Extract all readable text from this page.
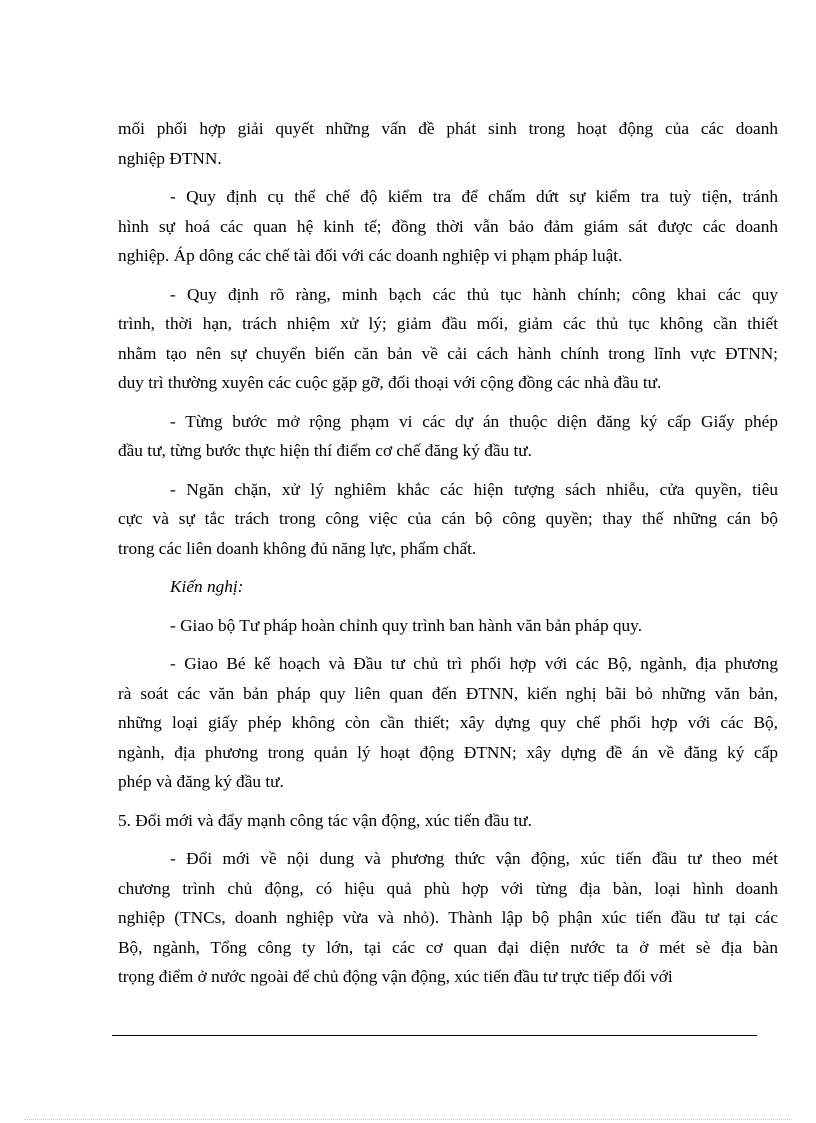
mối phối hợp giải quyết những vấn đề phát sinh trong hoạt động của các doanh
nghiệp ĐTNN.
- Quy định cụ thể chế độ kiểm tra để chấm dứt sự kiểm tra tuỳ tiện, tránh
hình sự hoá các quan hệ kinh tế; đồng thời vẫn bảo đảm giám sát được các doanh
nghiệp. Áp dông các chế tài đối với các doanh nghiệp vi phạm pháp luật.
- Quy định rõ ràng, minh bạch các thủ tục hành chính; công khai các quy
trình, thời hạn, trách nhiệm xử lý; giảm đầu mối, giảm các thủ tục không cần thiết
nhằm tạo nên sự chuyển biến căn bản về cải cách hành chính trong lĩnh vực ĐTNN;
duy trì thường xuyên các cuộc gặp gỡ, đối thoại với cộng đồng các nhà đầu tư.
- Từng bước mở rộng phạm vi các dự án thuộc diện đăng ký cấp Giấy phép
đầu tư, từng bước thực hiện thí điểm cơ chế đăng ký đầu tư.
- Ngăn chặn, xử lý nghiêm khắc các hiện tượng sách nhiễu, cửa quyền, tiêu
cực và sự tắc trách trong công việc của cán bộ công quyền; thay thế những cán bộ
trong các liên doanh không đủ năng lực, phẩm chất.
Kiến nghị:
- Giao bộ Tư pháp hoàn chỉnh quy trình ban hành văn bản pháp quy.
- Giao Bé kế hoạch và Đầu tư chủ trì phối hợp với các Bộ, ngành, địa phương
rà soát các văn bản pháp quy liên quan đến ĐTNN, kiến nghị bãi bỏ những văn bản,
những loại giấy phép không còn cần thiết; xây dựng quy chế phối hợp với các Bộ,
ngành, địa phương trong quản lý hoạt động ĐTNN; xây dựng đề án về đăng ký cấp
phép và đăng ký đầu tư.
5. Đổi mới và đẩy mạnh công tác vận động, xúc tiến đầu tư.
- Đổi mới về nội dung và phương thức vận động, xúc tiến đầu tư theo mét
chương trình chủ động, có hiệu quả phù hợp với từng địa bàn, loại hình doanh
nghiệp (TNCs, doanh nghiệp vừa và nhỏ). Thành lập bộ phận xúc tiến đầu tư tại các
Bộ, ngành, Tổng công ty lớn, tại các cơ quan đại diện nước ta ở mét sè địa bàn
trọng điểm ở nước ngoài để chủ động vận động, xúc tiến đầu tư trực tiếp đối với
